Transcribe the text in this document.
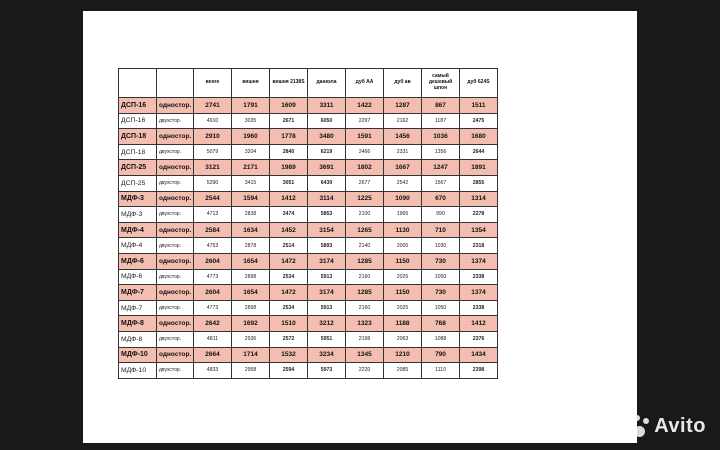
		венге	вишня	вишня 2138S	данкэла	дуб АА	дуб ав	самый дешевый шпон	дуб 624S
ДСП-16	одностор.	2741	1791	1609	3311	1422	1287	867	1511
ДСП-16	двухстор.	4910	3035	2671	6050	2297	2162	1187	2475
ДСП-18	одностор.	2910	1960	1778	3480	1591	1456	1036	1680
ДСП-18	двухстор.	5079	3204	2840	6219	2466	2331	1356	2644
ДСП-25	одностор.	3121	2171	1989	3691	1802	1667	1247	1891
ДСП-25	двухстор.	5290	3415	3051	6430	2677	2542	1567	2855
МДФ-3	одностор.	2544	1594	1412	3114	1225	1090	670	1314
МДФ-3	двухстор.	4713	2838	2474	5853	2100	1965	990	2278
МДФ-4	одностор.	2584	1634	1452	3154	1265	1130	710	1354
МДФ-4	двухстор.	4753	2878	2514	5893	2140	2005	1030	2318
МДФ-6	одностор.	2604	1654	1472	3174	1285	1150	730	1374
МДФ-6	двухстор.	4773	2898	2534	5913	2160	2025	1050	2338
МДФ-7	одностор.	2604	1654	1472	3174	1285	1150	730	1374
МДФ-7	двухстор.	4773	2898	2534	5913	2160	2025	1050	2338
МДФ-8	одностор.	2642	1692	1510	3212	1323	1188	768	1412
МДФ-8	двухстор.	4811	2936	2572	5951	2198	2063	1088	2376
МДФ-10	одностор.	2664	1714	1532	3234	1345	1210	790	1434
МДФ-10	двухстор.	4833	2958	2594	5973	2220	2085	1110	2398
Avito
